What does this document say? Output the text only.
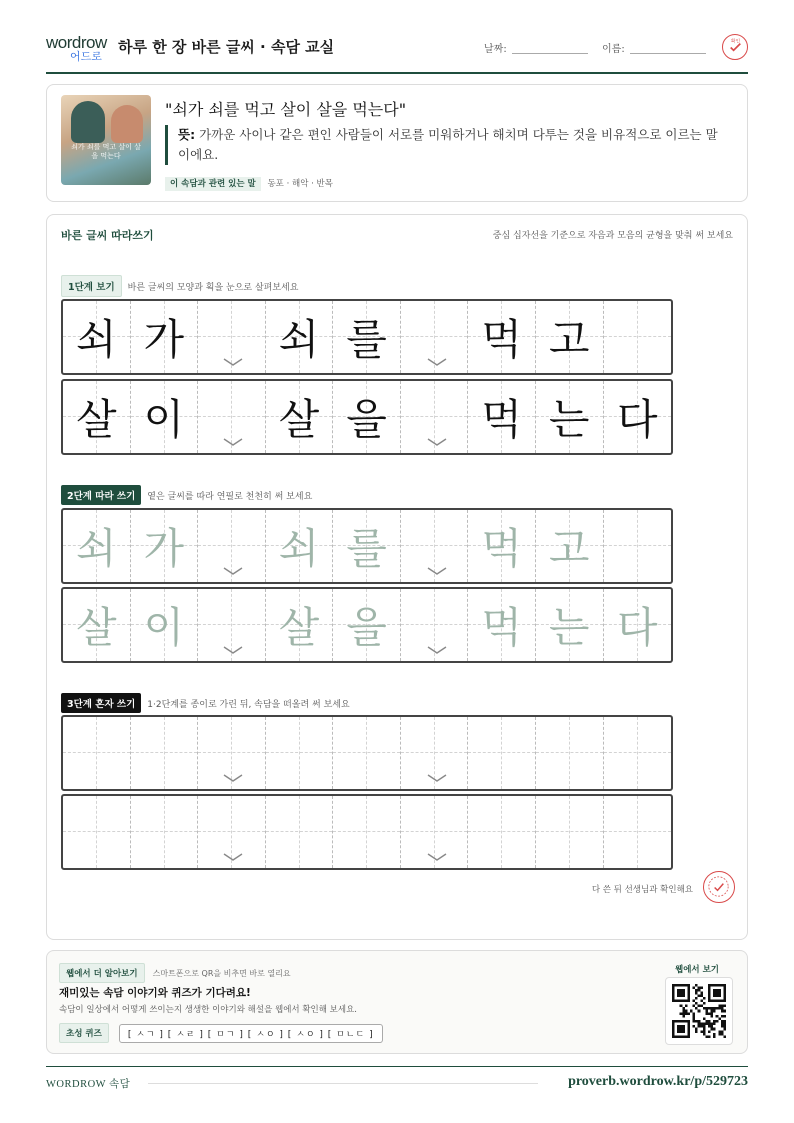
wordrow
어드로
하루 한 장 바른 글씨 · 속담 교실	날짜:	이름:
확인
쇠가 쇠를 먹고 살이 살을 먹는다
"쇠가 쇠를 먹고 살이 살을 먹는다"
뜻: 가까운 사이나 같은 편인 사람들이 서로를 미워하거나 해치며 다투는 것을 비유적으로 이르는 말이에요.
이 속담과 관련 있는 말 동포 · 해악 · 반목
바른 글씨 따라쓰기	중심 십자선을 기준으로 자음과 모음의 균형을 맞춰 써 보세요
1단계 보기	바른 글씨의 모양과 획을 눈으로 살펴보세요
쇠 가 쇠 를 먹 고
살 이 살 을 먹 는 다
2단계 따라 쓰기	옅은 글씨를 따라 연필로 천천히 써 보세요
쇠 가 쇠 를 먹 고
살 이 살 을 먹 는 다
3단계 혼자 쓰기	1·2단계를 종이로 가린 뒤, 속담을 떠올려 써 보세요
다 쓴 뒤 선생님과 확인해요
웹에서 더 알아보기	스마트폰으로 QR을 비추면 바로 열리요
재미있는 속담 이야기와 퀴즈가 기다려요!
속담이 일상에서 어떻게 쓰이는지 생생한 이야기와 해설을 웹에서 확인해 보세요.
초성 퀴즈	[ ㅅㄱ ] [ ㅅㄹ ] [ ㅁㄱ ] [ ㅅㅇ ] [ ㅅㅇ ] [ ㅁㄴㄷ ]
웹에서 보기
WORDROW 속담	proverb.wordrow.kr/p/529723
